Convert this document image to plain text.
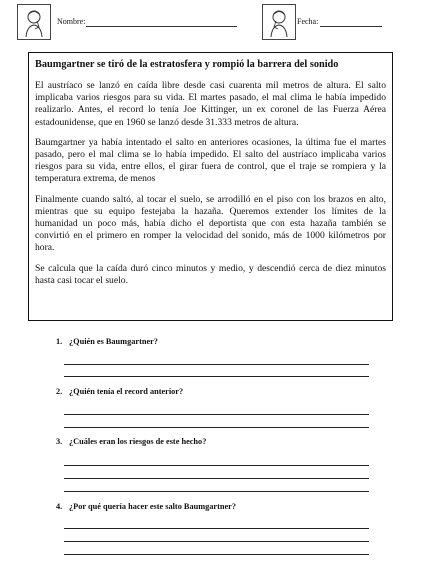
Nombre:	Fecha:
Baumgartner se tiró de la estratosfera y rompió la barrera del sonido

El austríaco se lanzó en caída libre desde casi cuarenta mil metros de altura. El salto implicaba varios riesgos para su vida. El martes pasado, el mal clima le había impedido realizarlo. Antes, el record lo tenía Joe Kittinger, un ex coronel de las Fuerza Aérea estadounidense, que en 1960 se lanzó desde 31.333 metros de altura.

Baumgartner ya había intentado el salto en anteriores ocasiones, la última fue el martes pasado, pero el mal clima se lo había impedido. El salto del austríaco implicaba varios riesgos para su vida, entre ellos, el girar fuera de control, que el traje se rompiera y la temperatura extrema, de menos

Finalmente cuando saltó, al tocar el suelo, se arrodilló en el piso con los brazos en alto, mientras que su equipo festejaba la hazaña. Queremos extender los límites de la humanidad un poco más, había dicho el deportista que con esta hazaña también se convirtió en el primero en romper la velocidad del sonido, más de 1000 kilómetros por hora.

Se calcula que la caída duró cinco minutos y medio, y descendió cerca de diez minutos hasta casi tocar el suelo.

1. ¿Quién es Baumgartner?
2. ¿Quién tenía el record anterior?
3. ¿Cuáles eran los riesgos de este hecho?
4. ¿Por qué quería hacer este salto Baumgartner?
